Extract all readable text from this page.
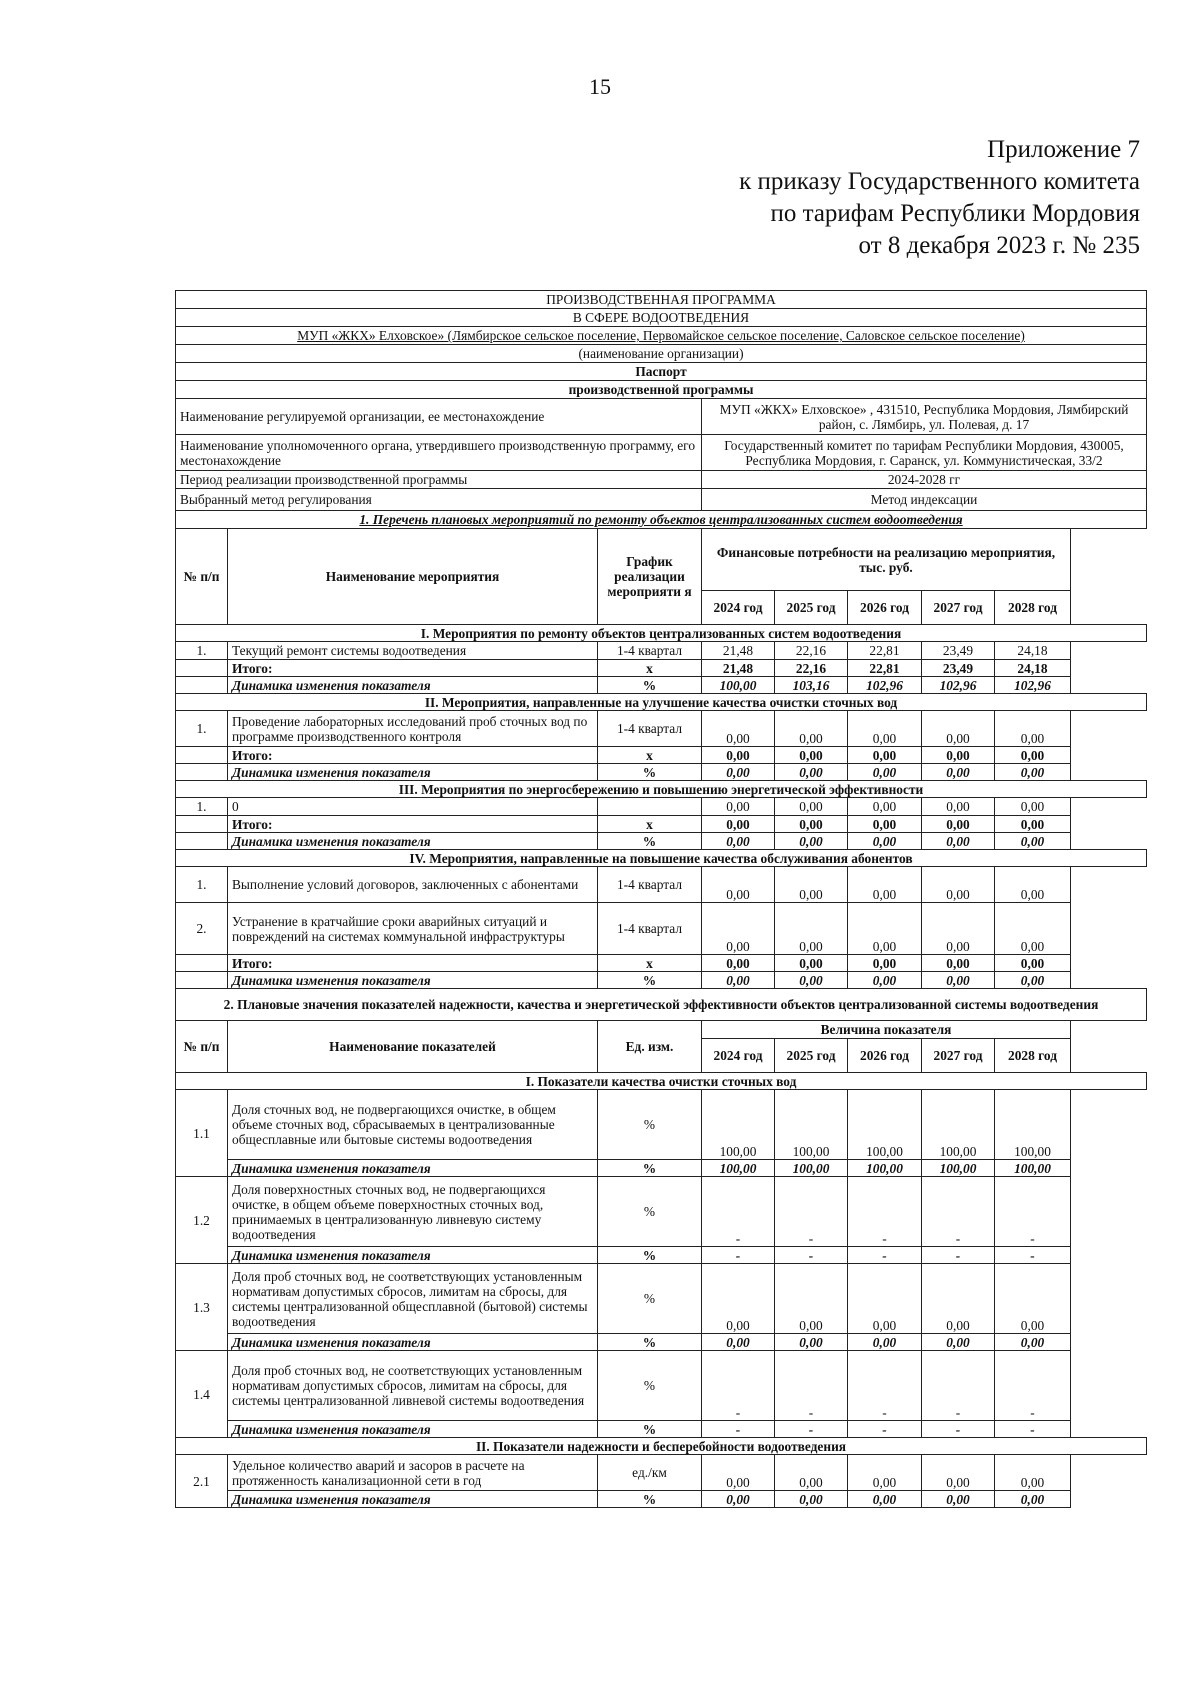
15
Приложение 7
к приказу Государственного комитета
по тарифам Республики Мордовия
от 8 декабря 2023 г. № 235
ПРОИЗВОДСТВЕННАЯ ПРОГРАММА							
В СФЕРЕ ВОДООТВЕДЕНИЯ							
МУП «ЖКХ» Елховское» (Лямбирское сельское поселение, Первомайское сельское поселение, Саловское сельское поселение)							
(наименование организации)							
Паспорт							
производственной программы							
Наименование регулируемой организации, ее местонахождение			МУП «ЖКХ» Елховское» , 431510, Республика Мордовия, Лямбирский район, с. Лямбирь, ул. Полевая, д. 17				
Наименование уполномоченного органа, утвердившего производственную программу, его местонахождение			Государственный комитет по тарифам Республики Мордовия, 430005, Республика Мордовия, г. Саранск, ул. Коммунистическая, 33/2				
Период реализации производственной программы			2024-2028 гг				
Выбранный метод регулирования			Метод индексации				
1. Перечень плановых мероприятий по ремонту объектов централизованных систем водоотведения							
№ п/п	Наименование мероприятия	График реализации мероприяти я	Финансовые потребности на реализацию мероприятия, тыс. руб.				
			2024 год	2025 год	2026 год	2027 год	2028 год
I. Мероприятия по ремонту объектов централизованных систем водоотведения							
1.	Текущий ремонт системы водоотведения	1-4 квартал	21,48	22,16	22,81	23,49	24,18
	Итого:	х	21,48	22,16	22,81	23,49	24,18
	Динамика изменения показателя	%	100,00	103,16	102,96	102,96	102,96
II. Мероприятия, направленные на улучшение качества очистки сточных вод							
1.	Проведение лабораторных исследований проб сточных вод по программе производственного контроля	1-4 квартал	0,00	0,00	0,00	0,00	0,00
	Итого:	х	0,00	0,00	0,00	0,00	0,00
	Динамика изменения показателя	%	0,00	0,00	0,00	0,00	0,00
III. Мероприятия по энергосбережению и повышению энергетической эффективности							
1.	0		0,00	0,00	0,00	0,00	0,00
	Итого:	х	0,00	0,00	0,00	0,00	0,00
	Динамика изменения показателя	%	0,00	0,00	0,00	0,00	0,00
IV. Мероприятия, направленные на повышение качества обслуживания абонентов							
1.	Выполнение условий договоров, заключенных с абонентами	1-4 квартал	0,00	0,00	0,00	0,00	0,00
2.	Устранение в кратчайшие сроки аварийных ситуаций и повреждений на системах коммунальной инфраструктуры	1-4 квартал	0,00	0,00	0,00	0,00	0,00
	Итого:	х	0,00	0,00	0,00	0,00	0,00
	Динамика изменения показателя	%	0,00	0,00	0,00	0,00	0,00
2. Плановые значения показателей надежности, качества и энергетической эффективности объектов централизованной системы водоотведения							
№ п/п	Наименование показателей	Ед. изм.	Величина показателя				
			2024 год	2025 год	2026 год	2027 год	2028 год
I. Показатели качества очистки сточных вод							
1.1	Доля сточных вод, не подвергающихся очистке, в общем объеме сточных вод, сбрасываемых в централизованные общесплавные или бытовые системы водоотведения	%	100,00	100,00	100,00	100,00	100,00
	Динамика изменения показателя	%	100,00	100,00	100,00	100,00	100,00
1.2	Доля поверхностных сточных вод, не подвергающихся очистке, в общем объеме поверхностных сточных вод, принимаемых в централизованную ливневую систему водоотведения	%	-	-	-	-	-
	Динамика изменения показателя	%	-	-	-	-	-
1.3	Доля проб сточных вод, не соответствующих установленным нормативам допустимых сбросов, лимитам на сбросы, для системы централизованной общесплавной (бытовой) системы водоотведения	%	0,00	0,00	0,00	0,00	0,00
	Динамика изменения показателя	%	0,00	0,00	0,00	0,00	0,00
1.4	Доля проб сточных вод, не соответствующих установленным нормативам допустимых сбросов, лимитам на сбросы, для системы централизованной ливневой системы водоотведения	%	-	-	-	-	-
	Динамика изменения показателя	%	-	-	-	-	-
II. Показатели надежности и бесперебойности водоотведения							
2.1	Удельное количество аварий и засоров в расчете на протяженность канализационной сети в год	ед./км	0,00	0,00	0,00	0,00	0,00
	Динамика изменения показателя	%	0,00	0,00	0,00	0,00	0,00
